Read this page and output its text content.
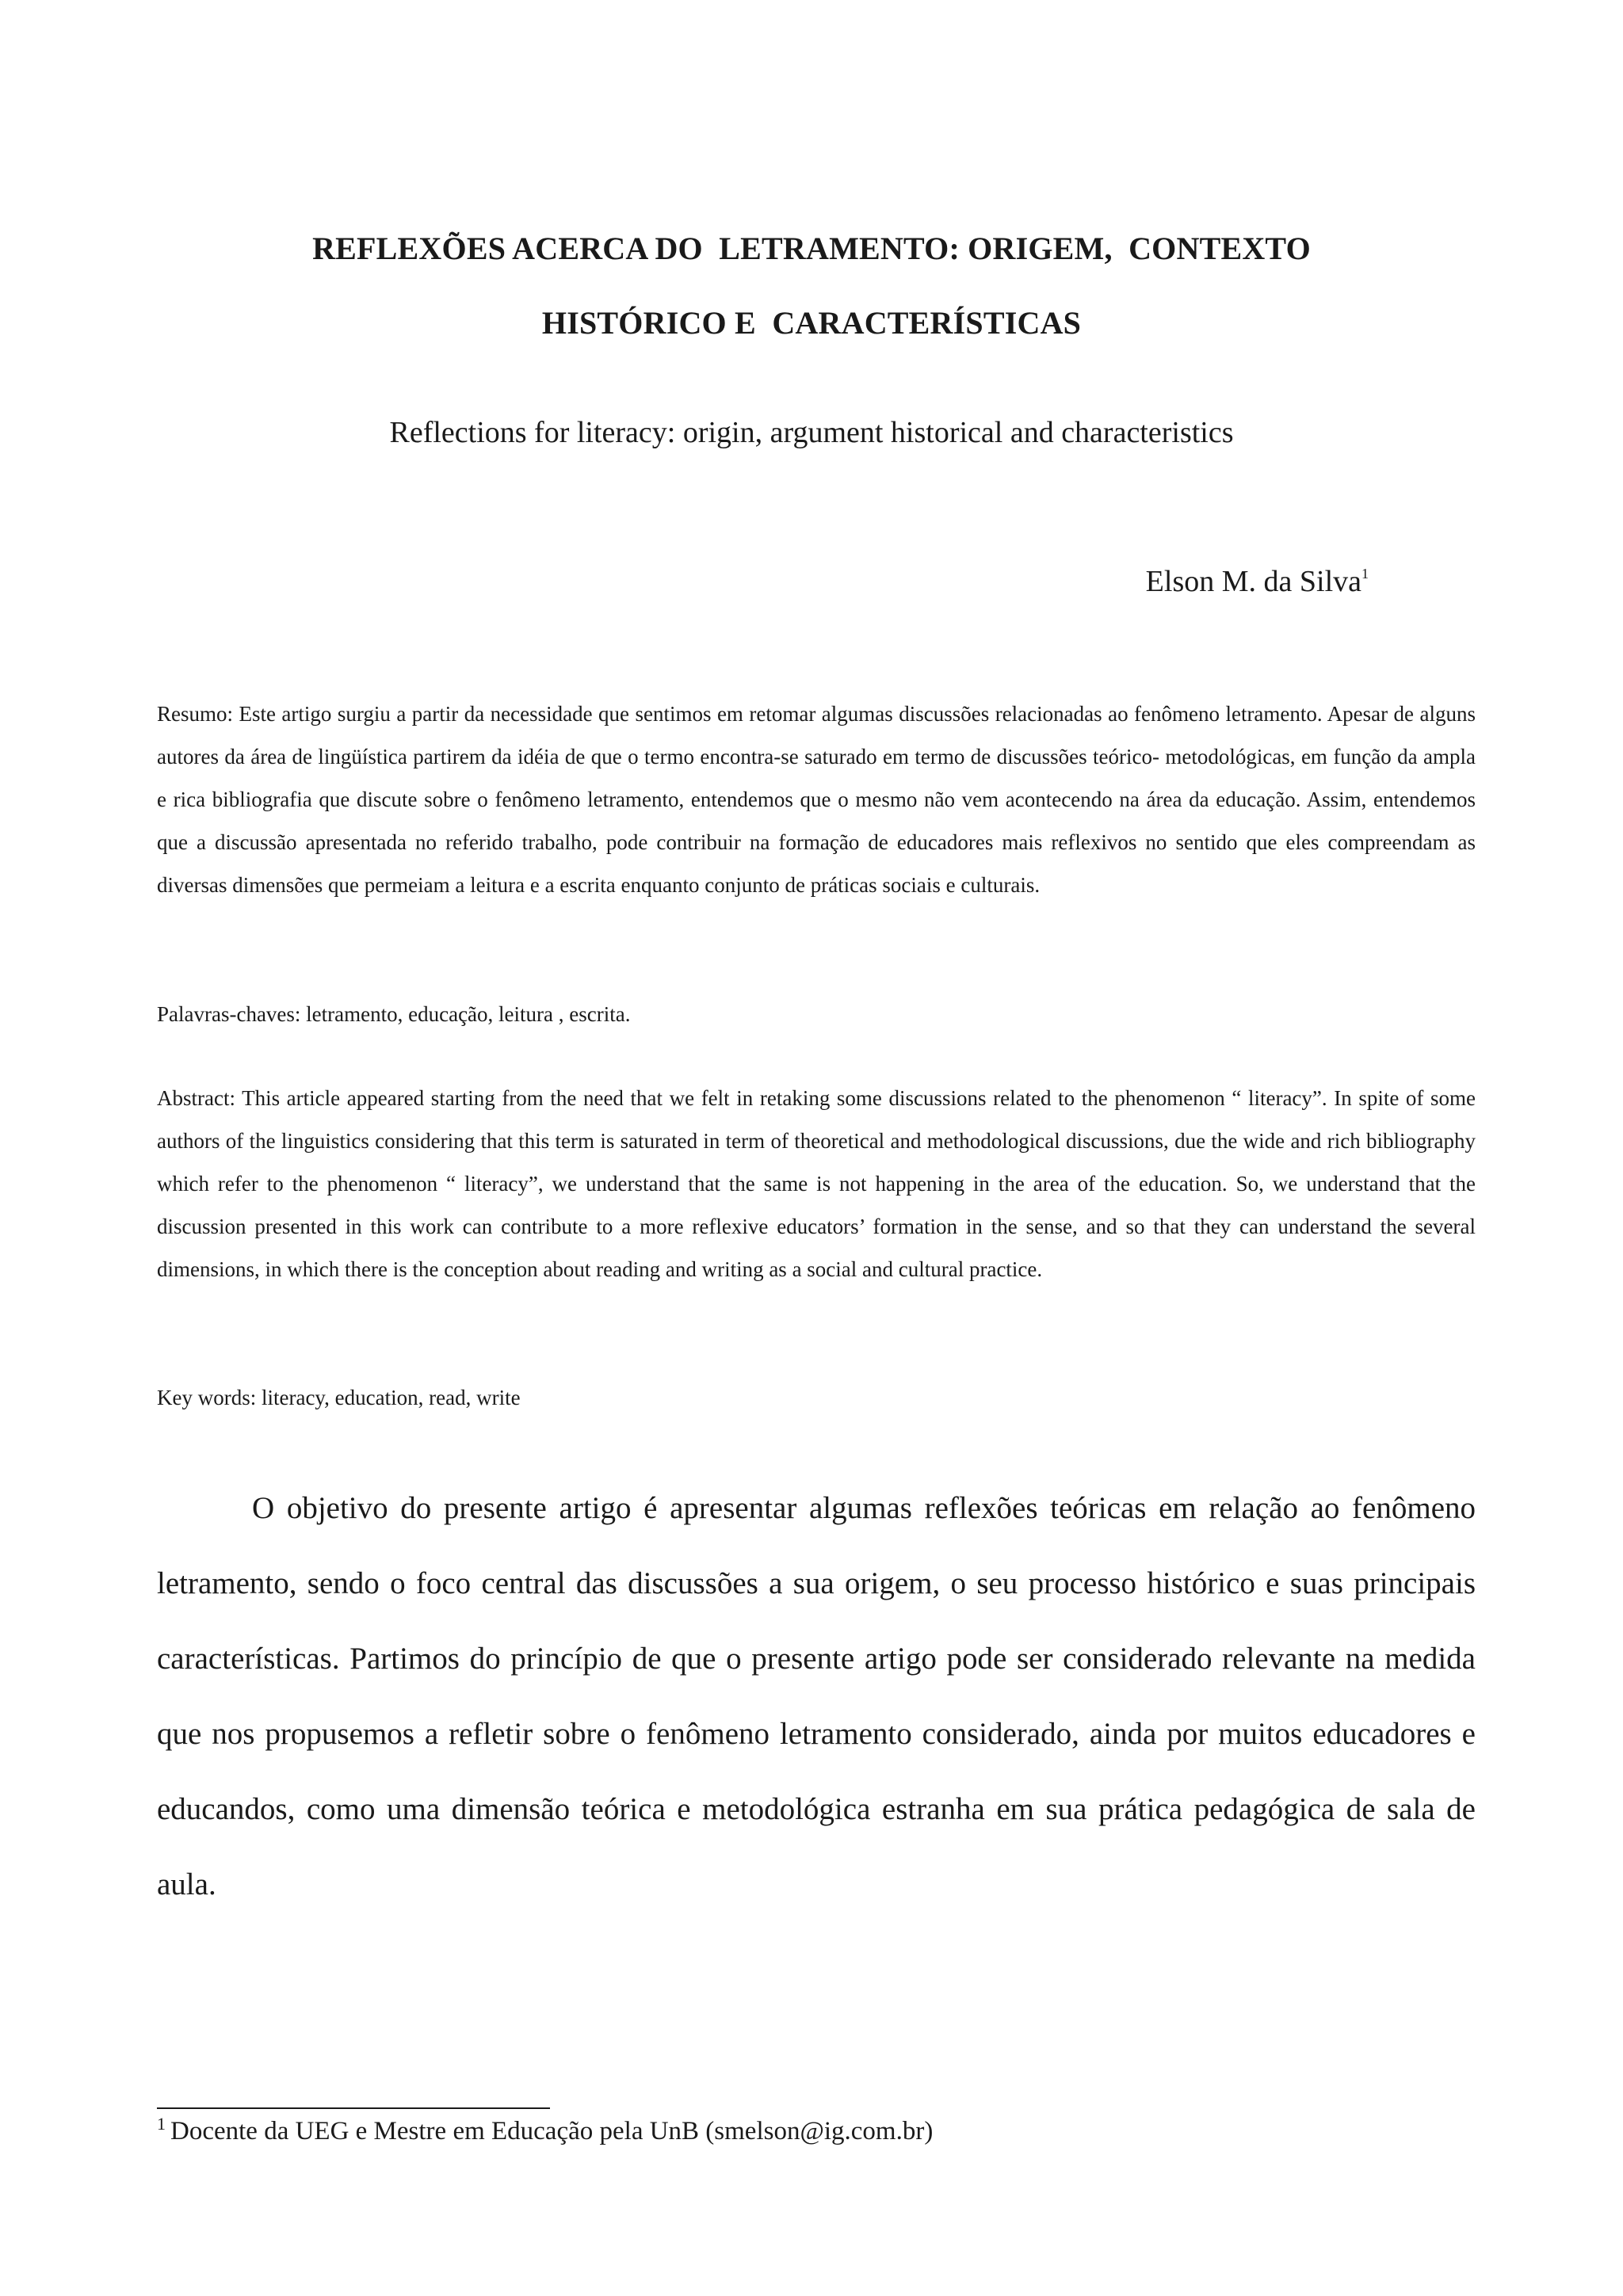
REFLEXÕES ACERCA DO  LETRAMENTO: ORIGEM,  CONTEXTO
HISTÓRICO E  CARACTERÍSTICAS
Reflections for literacy: origin, argument historical and characteristics
Elson M. da Silva$^1$
Resumo: Este artigo surgiu a partir da necessidade que sentimos em retomar algumas discussões relacionadas ao fenômeno letramento. Apesar de alguns autores da área de lingüística partirem da idéia de que o termo encontra-se saturado em termo de discussões teórico- metodológicas, em função da ampla e rica bibliografia que discute sobre o fenômeno letramento, entendemos que o mesmo não vem acontecendo na área da educação. Assim, entendemos que a discussão apresentada no referido trabalho, pode contribuir na formação de educadores mais reflexivos no sentido que eles compreendam as diversas dimensões que permeiam a leitura e a escrita enquanto conjunto de práticas sociais e culturais.
Palavras-chaves: letramento, educação, leitura , escrita.
Abstract: This article appeared starting from the need that we felt in retaking some discussions related to the phenomenon “ literacy”. In spite of some authors of the linguistics considering that this term is saturated in term of theoretical and methodological discussions, due the wide and rich bibliography which refer to the phenomenon “ literacy”, we understand that the same is not happening in the area of the education. So, we understand that the discussion presented in this work can contribute to a more reflexive educators’ formation in the sense, and so that they can understand the several dimensions, in which there is the conception about reading and writing as a social and cultural practice.
Key words: literacy, education, read, write
O objetivo do presente artigo é apresentar algumas reflexões teóricas em relação ao fenômeno letramento, sendo o foco central das discussões a sua origem, o seu processo histórico e suas principais características. Partimos do princípio de que o presente artigo pode ser considerado relevante na medida que nos propusemos a refletir sobre o fenômeno letramento considerado, ainda por muitos educadores e educandos, como uma dimensão teórica e metodológica estranha em sua prática pedagógica de sala de aula.
$^1$ Docente da UEG e Mestre em Educação pela UnB (smelson@ig.com.br)
